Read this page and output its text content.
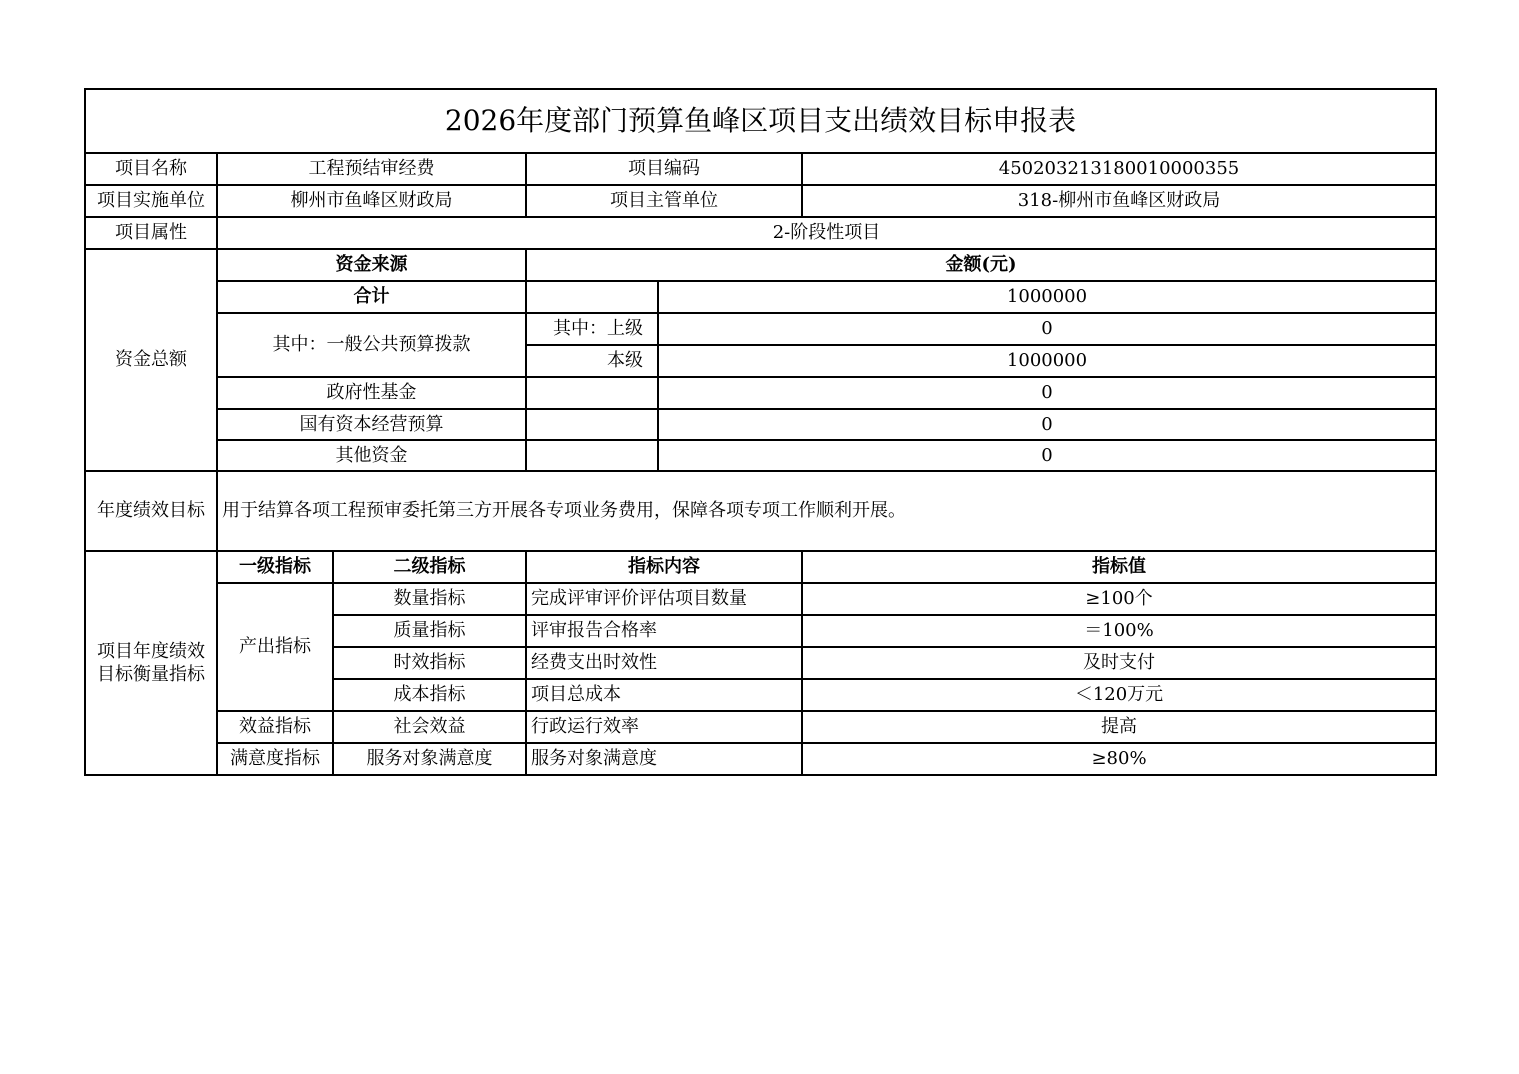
2026年度部门预算鱼峰区项目支出绩效目标申报表					
项目名称	工程预结审经费		项目编码		450203213180010000355
项目实施单位	柳州市鱼峰区财政局		项目主管单位		318-柳州市鱼峰区财政局
项目属性	2-阶段性项目				
资金总额	资金来源		金额(元)		
	合计			1000000	
	其中：一般公共预算拨款		其中：上级	0	
			本级	1000000	
	政府性基金			0	
	国有资本经营预算			0	
	其他资金			0	
年度绩效目标	用于结算各项工程预审委托第三方开展各专项业务费用，保障各项专项工作顺利开展。				
项目年度绩效目标衡量指标	一级指标	二级指标	指标内容		指标值
	产出指标	数量指标	完成评审评价评估项目数量		≥100个
		质量指标	评审报告合格率		＝100%
		时效指标	经费支出时效性		及时支付
		成本指标	项目总成本		＜120万元
	效益指标	社会效益	行政运行效率		提高
	满意度指标	服务对象满意度	服务对象满意度		≥80%
